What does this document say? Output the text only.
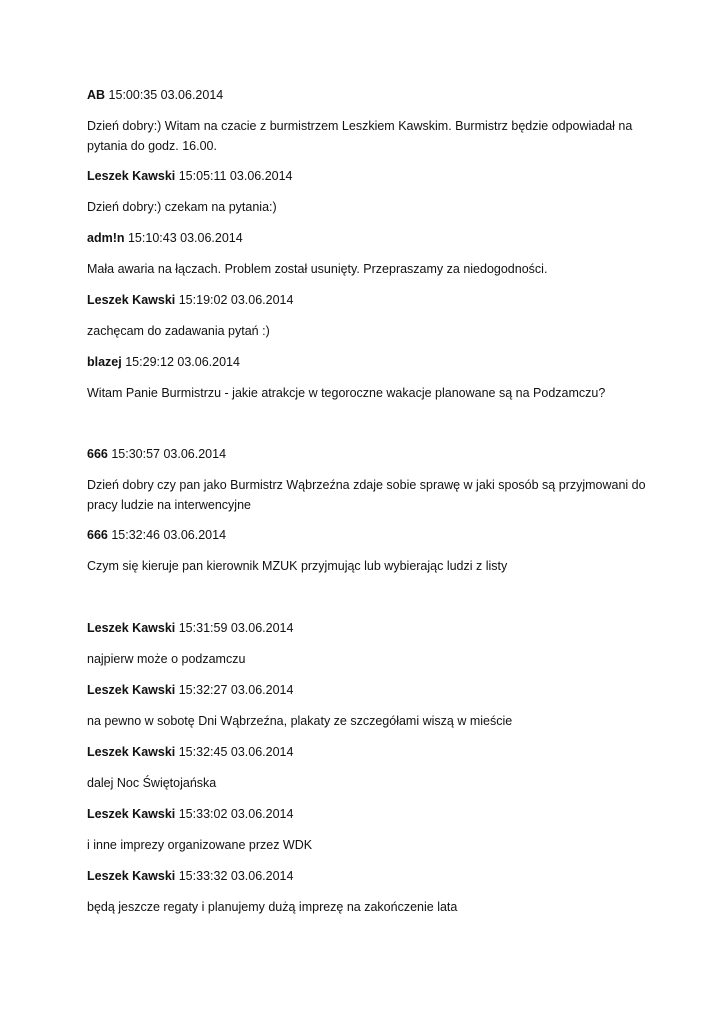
AB 15:00:35 03.06.2014

Dzień dobry:) Witam na czacie z burmistrzem Leszkiem Kawskim. Burmistrz będzie odpowiadał na pytania do godz. 16.00.

Leszek Kawski 15:05:11 03.06.2014

Dzień dobry:) czekam na pytania:)

adm!n 15:10:43 03.06.2014

Mała awaria na łączach. Problem został usunięty. Przepraszamy za niedogodności.

Leszek Kawski 15:19:02 03.06.2014

zachęcam do zadawania pytań :)

blazej 15:29:12 03.06.2014

Witam Panie Burmistrzu - jakie atrakcje w tegoroczne wakacje planowane są na Podzamczu?

666 15:30:57 03.06.2014

Dzień dobry czy pan jako Burmistrz Wąbrzeźna zdaje sobie sprawę w jaki sposób są przyjmowani do pracy ludzie na interwencyjne

666 15:32:46 03.06.2014

Czym się kieruje pan kierownik MZUK przyjmując lub wybierając ludzi z listy

Leszek Kawski 15:31:59 03.06.2014

najpierw może o podzamczu

Leszek Kawski 15:32:27 03.06.2014

na pewno w sobotę Dni Wąbrzeźna, plakaty ze szczegółami wiszą w mieście

Leszek Kawski 15:32:45 03.06.2014

dalej Noc Świętojańska

Leszek Kawski 15:33:02 03.06.2014

i inne imprezy organizowane przez WDK

Leszek Kawski 15:33:32 03.06.2014

będą jeszcze regaty i planujemy dużą imprezę na zakończenie lata
